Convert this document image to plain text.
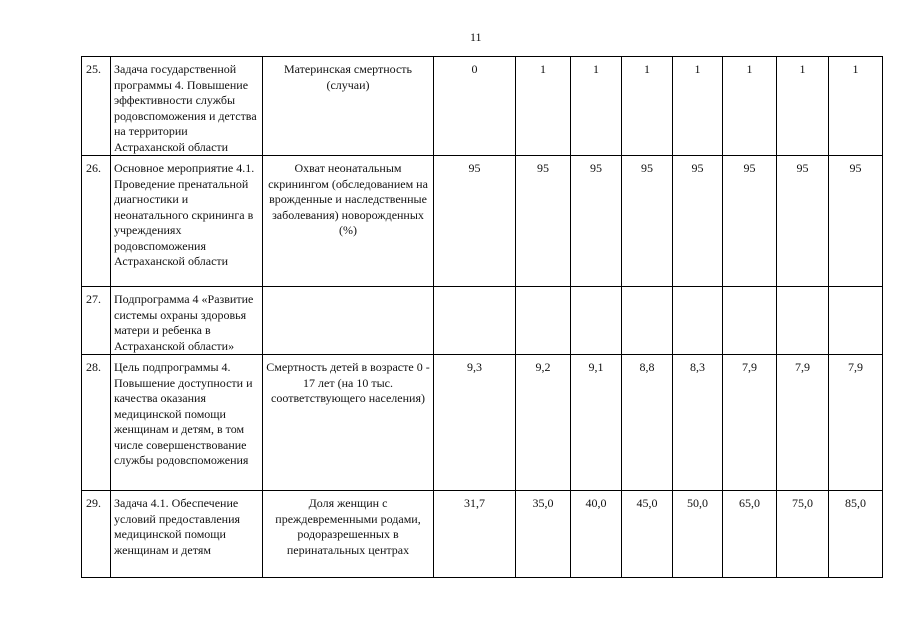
11
25.	Задача государственной программы 4. Повышение эффективности службы родовспоможения и детства на территории Астраханской области	Материнская смертность (случаи)	0	1	1	1	1	1	1	1
26.	Основное мероприятие 4.1. Проведение пренатальной диагностики и неонатального скрининга в учреждениях родовспоможения Астраханской области	Охват неонатальным скринингом (обследованием на врожденные и наследственные заболевания) новорожденных (%)	95	95	95	95	95	95	95	95
27.	Подпрограмма 4 «Развитие системы охраны здоровья матери и ребенка в Астраханской области»									
28.	Цель подпрограммы 4. Повышение доступности и качества оказания медицинской помощи женщинам и детям, в том числе совершенствование службы родовспоможения	Смертность детей в возрасте 0 - 17 лет (на 10 тыс. соответствующего населения)	9,3	9,2	9,1	8,8	8,3	7,9	7,9	7,9
29.	Задача 4.1. Обеспечение условий предоставления медицинской помощи женщинам и детям	Доля женщин с преждевременными родами, родоразрешенных в перинатальных центрах	31,7	35,0	40,0	45,0	50,0	65,0	75,0	85,0
